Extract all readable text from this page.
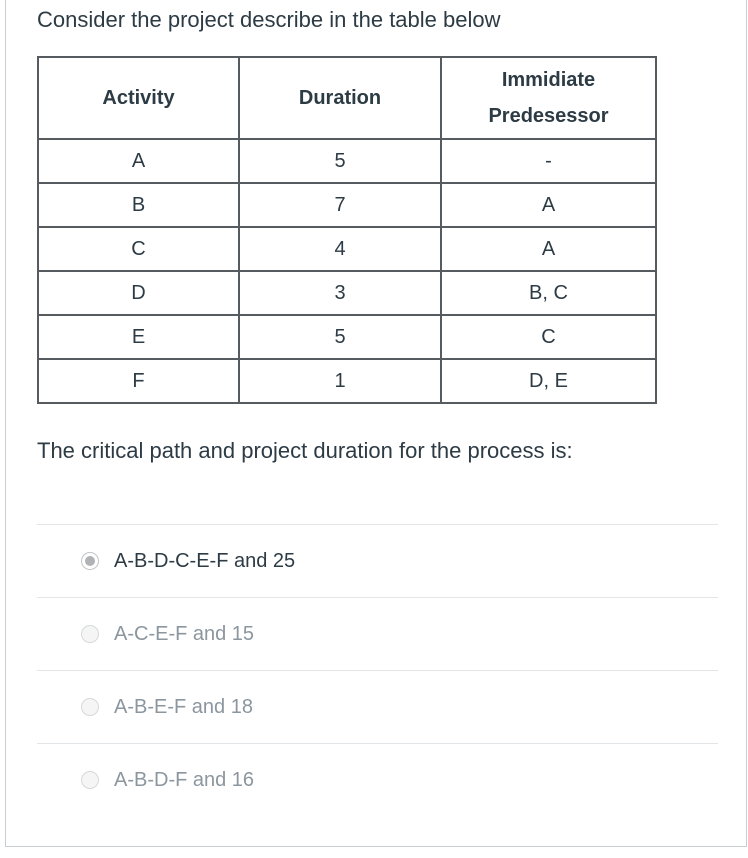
Consider the project describe in the table below

Activity	Duration	Immidiate
Predesessor

A	5	-
B	7	A
C	4	A
D	3	B, C
E	5	C
F	1	D, E

The critical path and project duration for the process is:

A-B-D-C-E-F and 25
A-C-E-F and 15
A-B-E-F and 18
A-B-D-F and 16
